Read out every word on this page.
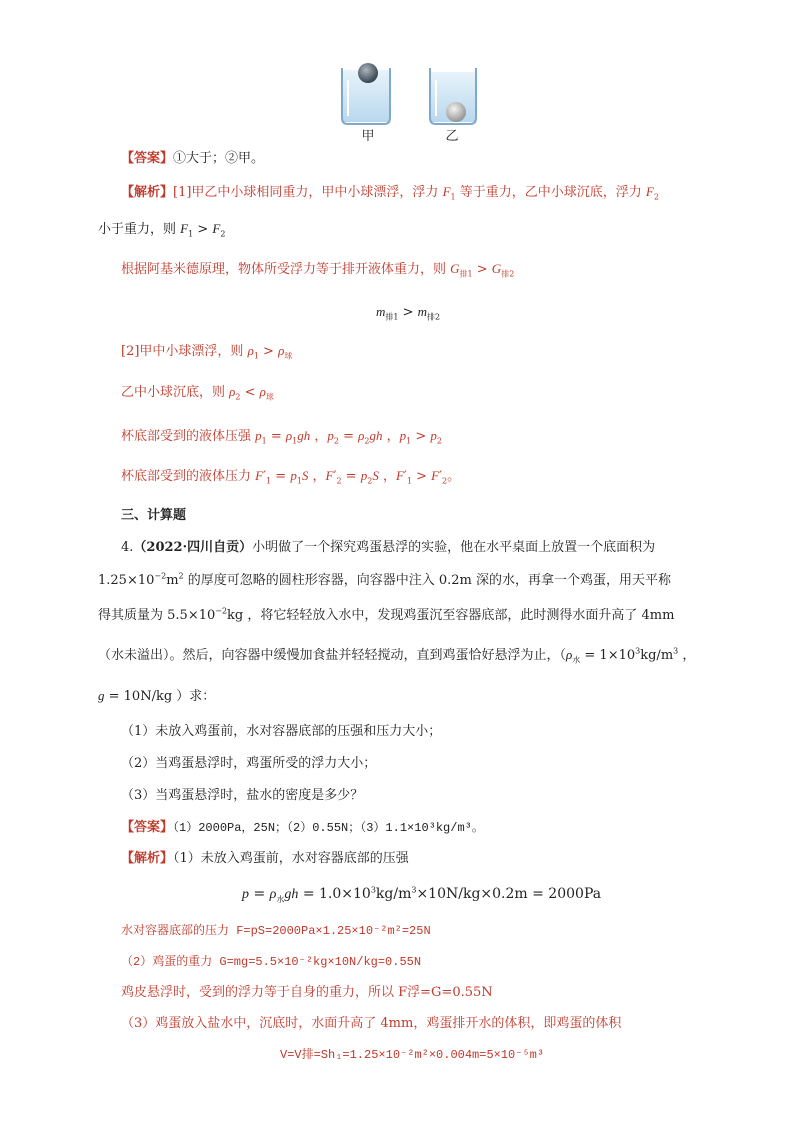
甲	乙
【答案】①大于；②甲。
【解析】[1]甲乙中小球相同重力，甲中小球漂浮，浮力 $F_1$ 等于重力，乙中小球沉底，浮力 $F_2$
小于重力，则 $F_1 > F_2$
根据阿基米德原理，物体所受浮力等于排开液体重力，则 $G_{排1} > G_{排2}$
$m_{排1} > m_{排2}$
[2]甲中小球漂浮，则 $\rho_1 > \rho_球$
乙中小球沉底，则 $\rho_2 < \rho_球$
杯底部受到的液体压强 $p_1 = \rho_1gh$ ，$p_2 = \rho_2gh$ ，$p_1 > p_2$
杯底部受到的液体压力 $F'_1 = p_1S$ ，$F'_2 = p_2S$ ，$F'_1 > F'_2$。
三、计算题
4.（2022·四川自贡）小明做了一个探究鸡蛋悬浮的实验，他在水平桌面上放置一个底面积为
$1.25\times 10^{-2}m^2$ 的厚度可忽略的圆柱形容器，向容器中注入 0.2m 深的水，再拿一个鸡蛋，用天平称
得其质量为 $5.5\times 10^{-2}kg$ ，将它轻轻放入水中，发现鸡蛋沉至容器底部，此时测得水面升高了 4mm
（水未溢出）。然后，向容器中缓慢加食盐并轻轻搅动，直到鸡蛋恰好悬浮为止，（$\rho_水 = 1\times 10^3kg/m^3$ ，
g = 10N/kg ）求：
（1）未放入鸡蛋前，水对容器底部的压强和压力大小；
（2）当鸡蛋悬浮时，鸡蛋所受的浮力大小；
（3）当鸡蛋悬浮时，盐水的密度是多少？
【答案】（1）2000Pa，25N；（2）0.55N；（3）1.1×10³kg/m³。
【解析】（1）未放入鸡蛋前，水对容器底部的压强
$p = \rho_水gh = 1.0\times 10^3kg/m^3\times 10N/kg\times 0.2m = 2000Pa$
水对容器底部的压力 F=pS=2000Pa×1.25×10⁻²m²=25N
（2）鸡蛋的重力 G=mg=5.5×10⁻²kg×10N/kg=0.55N
鸡皮悬浮时，受到的浮力等于自身的重力，所以 F浮=G=0.55N
（3）鸡蛋放入盐水中，沉底时，水面升高了 4mm，鸡蛋排开水的体积，即鸡蛋的体积
V=V排=Sh₁=1.25×10⁻²m²×0.004m=5×10⁻⁵m³
